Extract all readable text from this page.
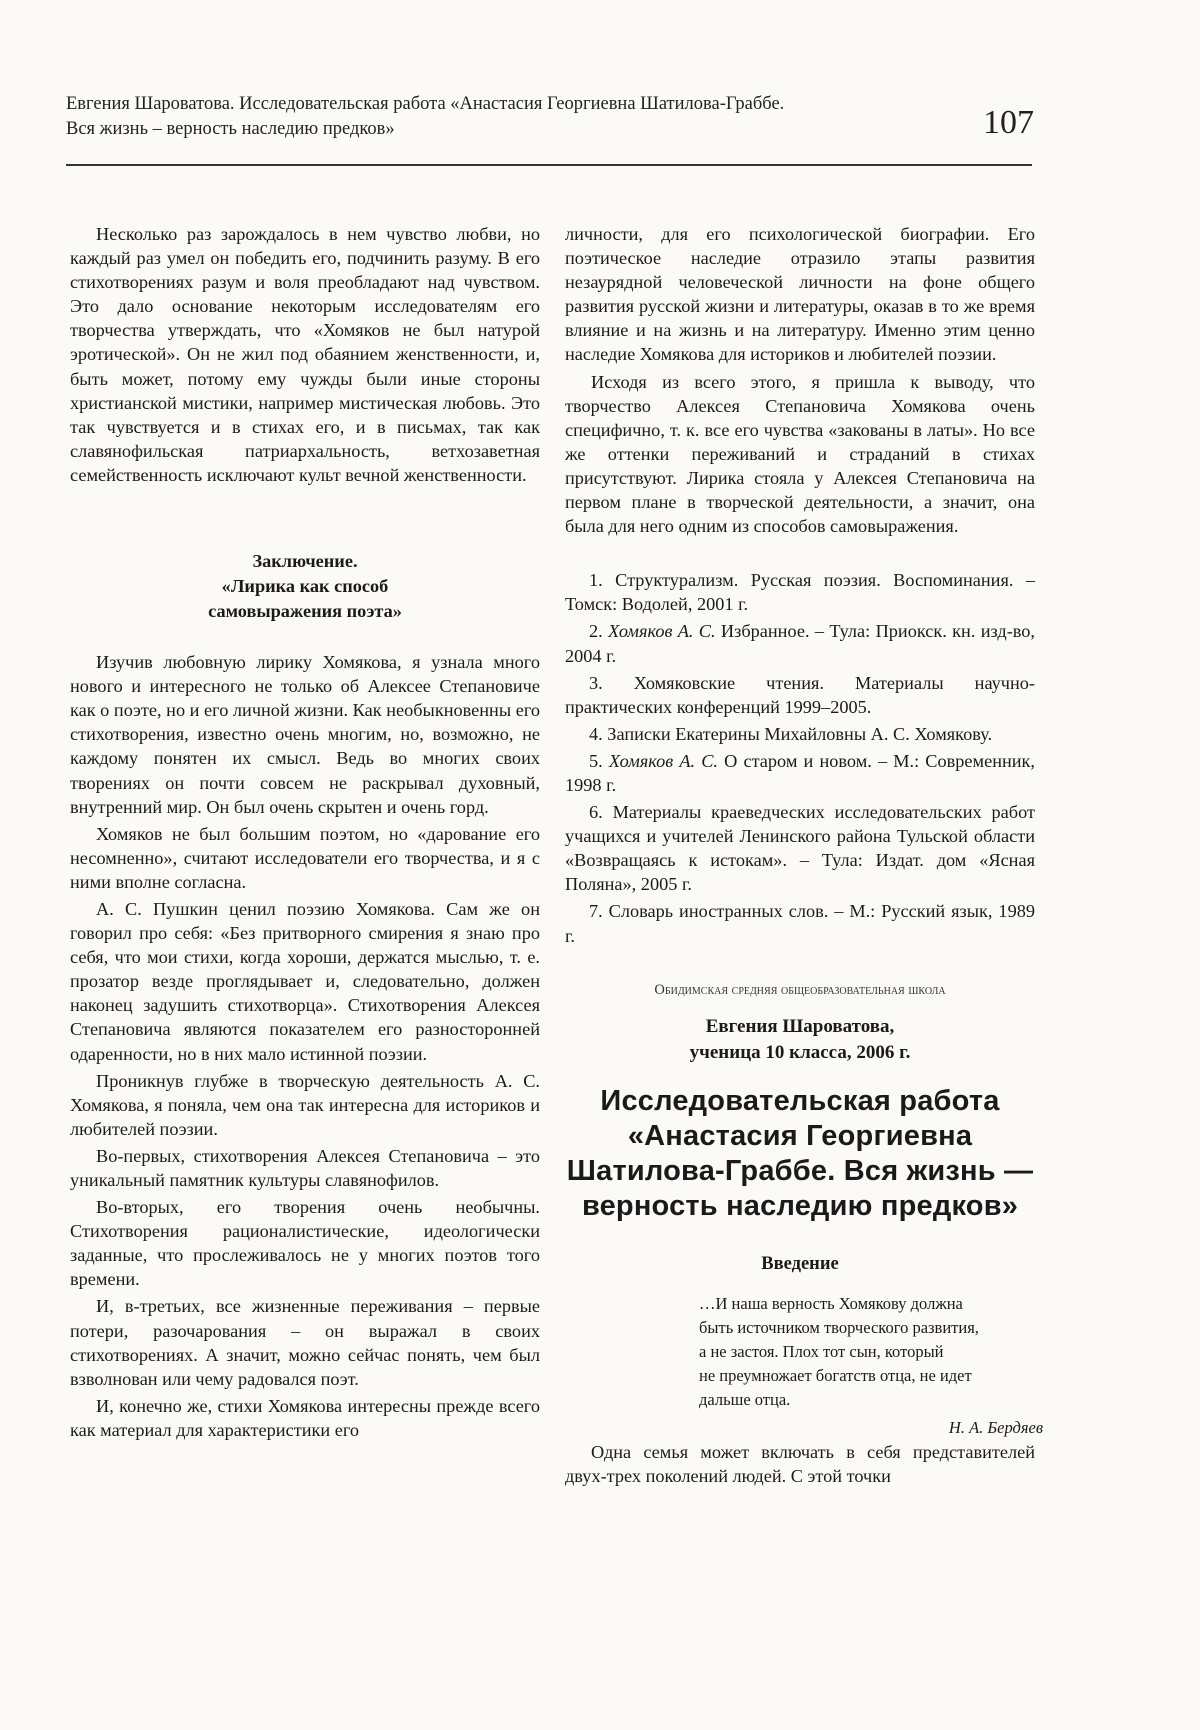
Евгения Шароватова. Исследовательская работа «Анастасия Георгиевна Шатилова-Граббе.
Вся жизнь – верность наследию предков»	107

Несколько раз зарождалось в нем чувство любви, но каждый раз умел он победить его, подчинить разуму. В его стихотворениях разум и воля преобладают над чувством. Это дало основание некоторым исследователям его творчества утверждать, что «Хомяков не был натурой эротической». Он не жил под обаянием женственности, и, быть может, потому ему чужды были иные стороны христианской мистики, например мистическая любовь. Это так чувствуется и в стихах его, и в письмах, так как славянофильская патриархальность, ветхозаветная семейственность исключают культ вечной женственности.

Заключение.
«Лирика как способ
самовыражения поэта»

Изучив любовную лирику Хомякова, я узнала много нового и интересного не только об Алексее Степановиче как о поэте, но и его личной жизни. Как необыкновенны его стихотворения, известно очень многим, но, возможно, не каждому понятен их смысл. Ведь во многих своих творениях он почти совсем не раскрывал духовный, внутренний мир. Он был очень скрытен и очень горд.

Хомяков не был большим поэтом, но «дарование его несомненно», считают исследователи его творчества, и я с ними вполне согласна.

А. С. Пушкин ценил поэзию Хомякова. Сам же он говорил про себя: «Без притворного смирения я знаю про себя, что мои стихи, когда хороши, держатся мыслью, т. е. прозатор везде проглядывает и, следовательно, должен наконец задушить стихотворца». Стихотворения Алексея Степановича являются показателем его разносторонней одаренности, но в них мало истинной поэзии.

Проникнув глубже в творческую деятельность А. С. Хомякова, я поняла, чем она так интересна для историков и любителей поэзии.

Во-первых, стихотворения Алексея Степановича – это уникальный памятник культуры славянофилов.

Во-вторых, его творения очень необычны. Стихотворения рационалистические, идеологически заданные, что прослеживалось не у многих поэтов того времени.

И, в-третьих, все жизненные переживания – первые потери, разочарования – он выражал в своих стихотворениях. А значит, можно сейчас понять, чем был взволнован или чему радовался поэт.

И, конечно же, стихи Хомякова интересны прежде всего как материал для характеристики его

личности, для его психологической биографии. Его поэтическое наследие отразило этапы развития незаурядной человеческой личности на фоне общего развития русской жизни и литературы, оказав в то же время влияние и на жизнь и на литературу. Именно этим ценно наследие Хомякова для историков и любителей поэзии.

Исходя из всего этого, я пришла к выводу, что творчество Алексея Степановича Хомякова очень специфично, т. к. все его чувства «закованы в латы». Но все же оттенки переживаний и страданий в стихах присутствуют. Лирика стояла у Алексея Степановича на первом плане в творческой деятельности, а значит, она была для него одним из способов самовыражения.

1. Структурализм. Русская поэзия. Воспоминания. – Томск: Водолей, 2001 г.

2. Хомяков А. С. Избранное. – Тула: Приокск. кн. изд-во, 2004 г.

3. Хомяковские чтения. Материалы научно-практических конференций 1999–2005.

4. Записки Екатерины Михайловны А. С. Хомякову.

5. Хомяков А. С. О старом и новом. – М.: Современник, 1998 г.

6. Материалы краеведческих исследовательских работ учащихся и учителей Ленинского района Тульской области «Возвращаясь к истокам». – Тула: Издат. дом «Ясная Поляна», 2005 г.

7. Словарь иностранных слов. – М.: Русский язык, 1989 г.

Обидимская средняя общеобразовательная школа
Евгения Шароватова,
ученица 10 класса, 2006 г.
Исследовательская работа
«Анастасия Георгиевна
Шатилова-Граббе. Вся жизнь —
верность наследию предков»
Введение
…И наша верность Хомякову должна
быть источником творческого развития,
а не застоя. Плох тот сын, который
не преумножает богатств отца, не идет
дальше отца.
Н. А. Бердяев

Одна семья может включать в себя представителей двух-трех поколений людей. С этой точки
